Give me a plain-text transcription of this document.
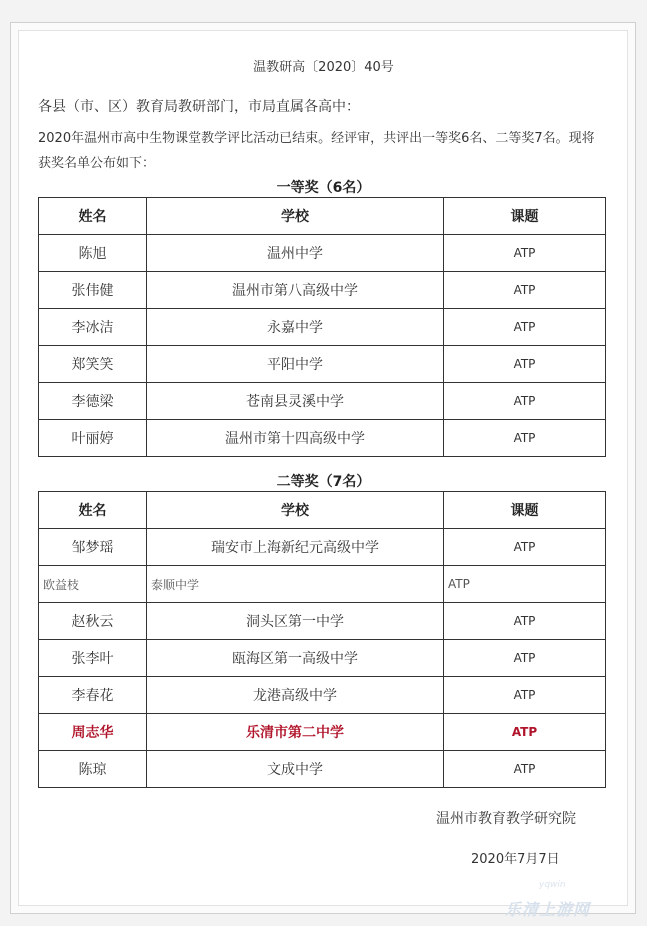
温教研高〔2020〕40号
各县（市、区）教育局教研部门，市局直属各高中：
2020年温州市高中生物课堂教学评比活动已结束。经评审，共评出一等奖6名、二等奖7名。现将获奖名单公布如下：
一等奖（6名）
姓名	学校	课题
陈旭	温州中学	ATP
张伟健	温州市第八高级中学	ATP
李冰洁	永嘉中学	ATP
郑笑笑	平阳中学	ATP
李德梁	苍南县灵溪中学	ATP
叶丽婷	温州市第十四高级中学	ATP
二等奖（7名）
姓名	学校	课题
邹梦瑶	瑞安市上海新纪元高级中学	ATP
欧益枝	泰顺中学	ATP
赵秋云	洞头区第一中学	ATP
张李叶	瓯海区第一高级中学	ATP
李春花	龙港高级中学	ATP
周志华	乐清市第二中学	ATP
陈琼	文成中学	ATP
温州市教育教学研究院
2020年7月7日
yqwin
乐清上游网
